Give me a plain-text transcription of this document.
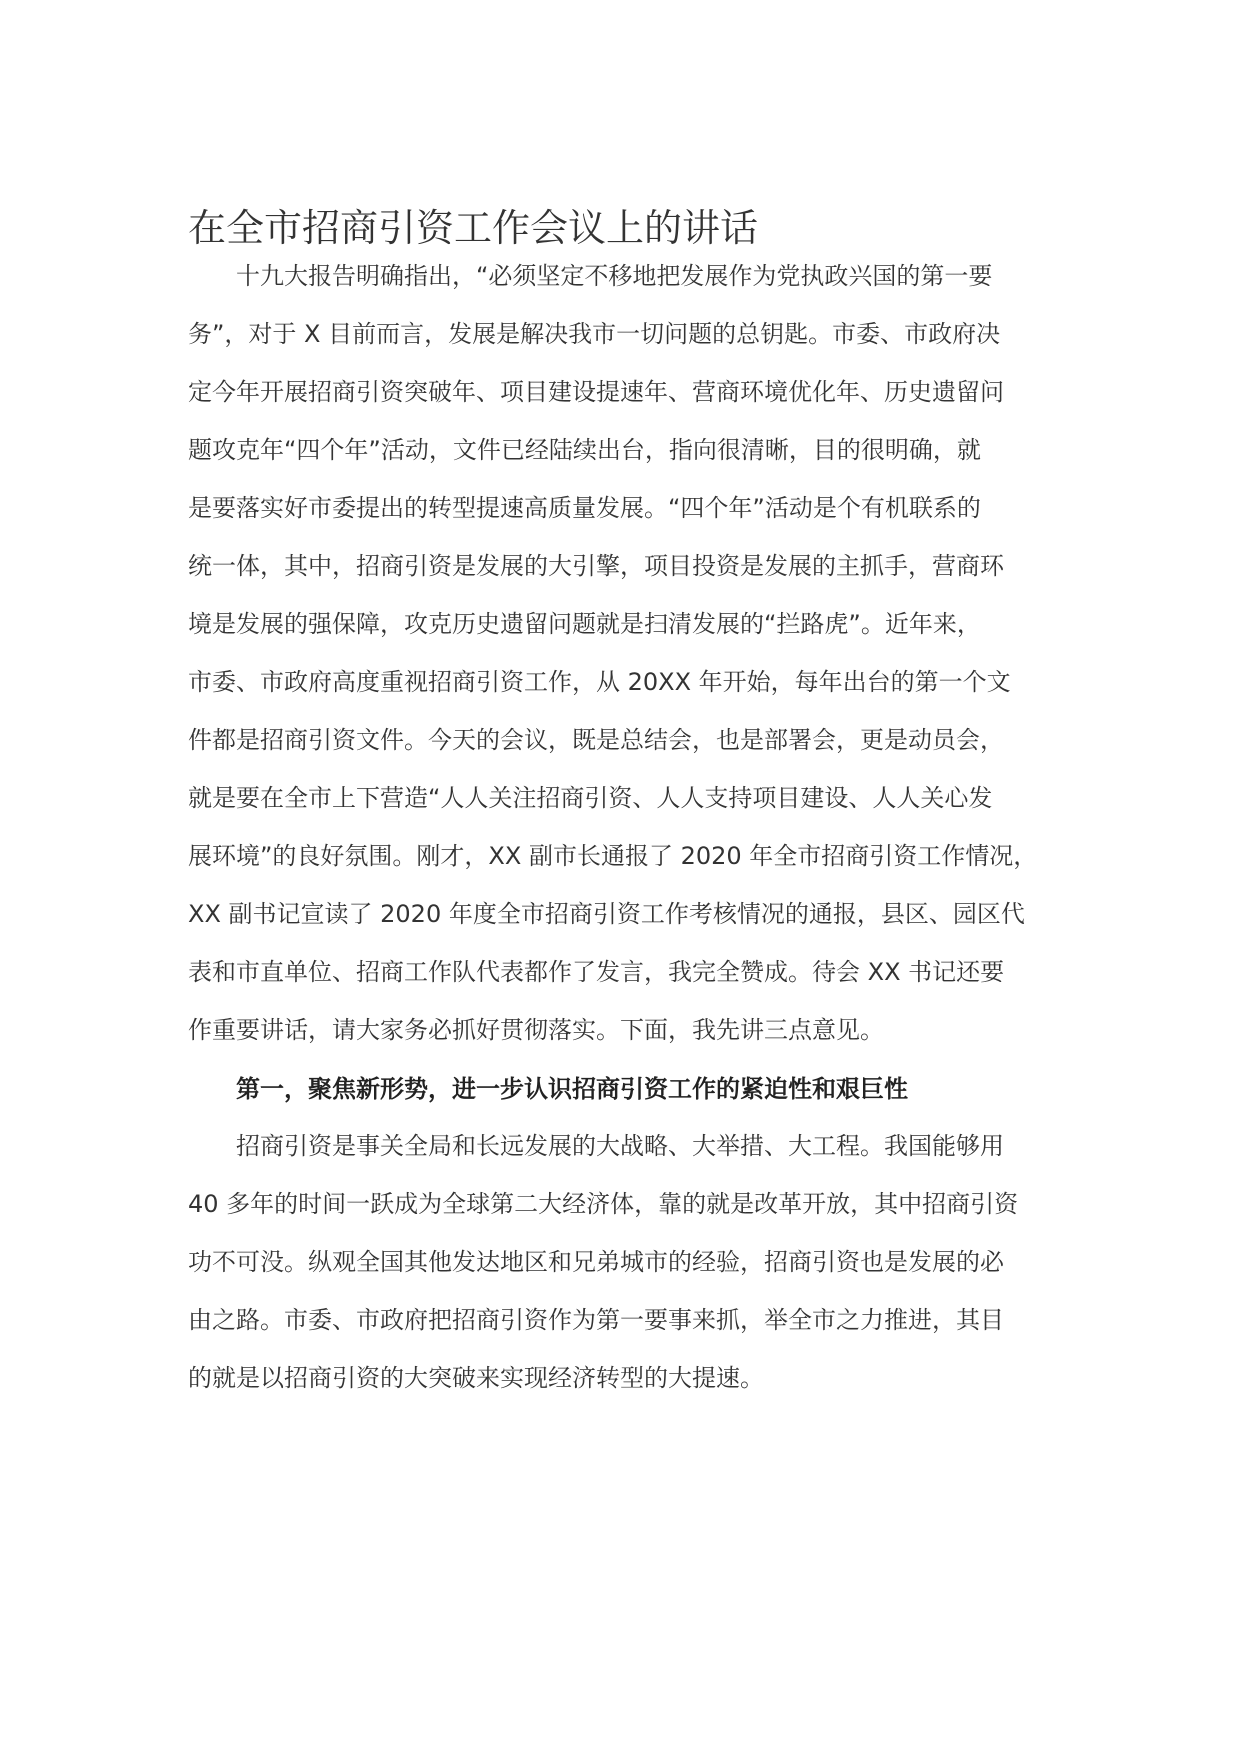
在全市招商引资工作会议上的讲话

　　十九大报告明确指出，“必须坚定不移地把发展作为党执政兴国的第一要

务”，对于 X 目前而言，发展是解决我市一切问题的总钥匙。市委、市政府决

定今年开展招商引资突破年、项目建设提速年、营商环境优化年、历史遗留问

题攻克年“四个年”活动，文件已经陆续出台，指向很清晰，目的很明确，就

是要落实好市委提出的转型提速高质量发展。“四个年”活动是个有机联系的

统一体，其中，招商引资是发展的大引擎，项目投资是发展的主抓手，营商环

境是发展的强保障，攻克历史遗留问题就是扫清发展的“拦路虎”。近年来，

市委、市政府高度重视招商引资工作，从 20XX 年开始，每年出台的第一个文

件都是招商引资文件。今天的会议，既是总结会，也是部署会，更是动员会，

就是要在全市上下营造“人人关注招商引资、人人支持项目建设、人人关心发

展环境”的良好氛围。刚才，XX 副市长通报了 2020 年全市招商引资工作情况，

XX 副书记宣读了 2020 年度全市招商引资工作考核情况的通报，县区、园区代

表和市直单位、招商工作队代表都作了发言，我完全赞成。待会 XX 书记还要

作重要讲话，请大家务必抓好贯彻落实。下面，我先讲三点意见。

　　第一，聚焦新形势，进一步认识招商引资工作的紧迫性和艰巨性

　　招商引资是事关全局和长远发展的大战略、大举措、大工程。我国能够用

40 多年的时间一跃成为全球第二大经济体，靠的就是改革开放，其中招商引资

功不可没。纵观全国其他发达地区和兄弟城市的经验，招商引资也是发展的必

由之路。市委、市政府把招商引资作为第一要事来抓，举全市之力推进，其目

的就是以招商引资的大突破来实现经济转型的大提速。
